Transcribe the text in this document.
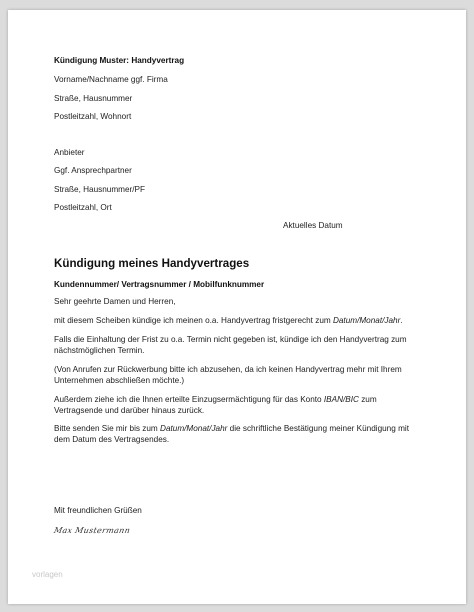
Kündigung Muster: Handyvertrag

Vorname/Nachname ggf. Firma

Straße, Hausnummer

Postleitzahl, Wohnort

Anbieter

Ggf. Ansprechpartner

Straße, Hausnummer/PF

Postleitzahl, Ort

Aktuelles Datum

Kündigung meines Handyvertrages

Kundennummer/ Vertragsnummer / Mobilfunknummer

Sehr geehrte Damen und Herren,

mit diesem Scheiben kündige ich meinen o.a. Handyvertrag fristgerecht zum Datum/Monat/Jahr.

Falls die Einhaltung der Frist zu o.a. Termin nicht gegeben ist, kündige ich den Handyvertrag zum

nächstmöglichen Termin.

(Von Anrufen zur Rückwerbung bitte ich abzusehen, da ich keinen Handyvertrag mehr mit Ihrem

Unternehmen abschließen möchte.)

Außerdem ziehe ich die Ihnen erteilte Einzugsermächtigung für das Konto IBAN/BIC zum

Vertragsende und darüber hinaus zurück.

Bitte senden Sie mir bis zum Datum/Monat/Jahr die schriftliche Bestätigung meiner Kündigung mit

dem Datum des Vertragsendes.

Mit freundlichen Grüßen

Max Mustermann

vorlagen
